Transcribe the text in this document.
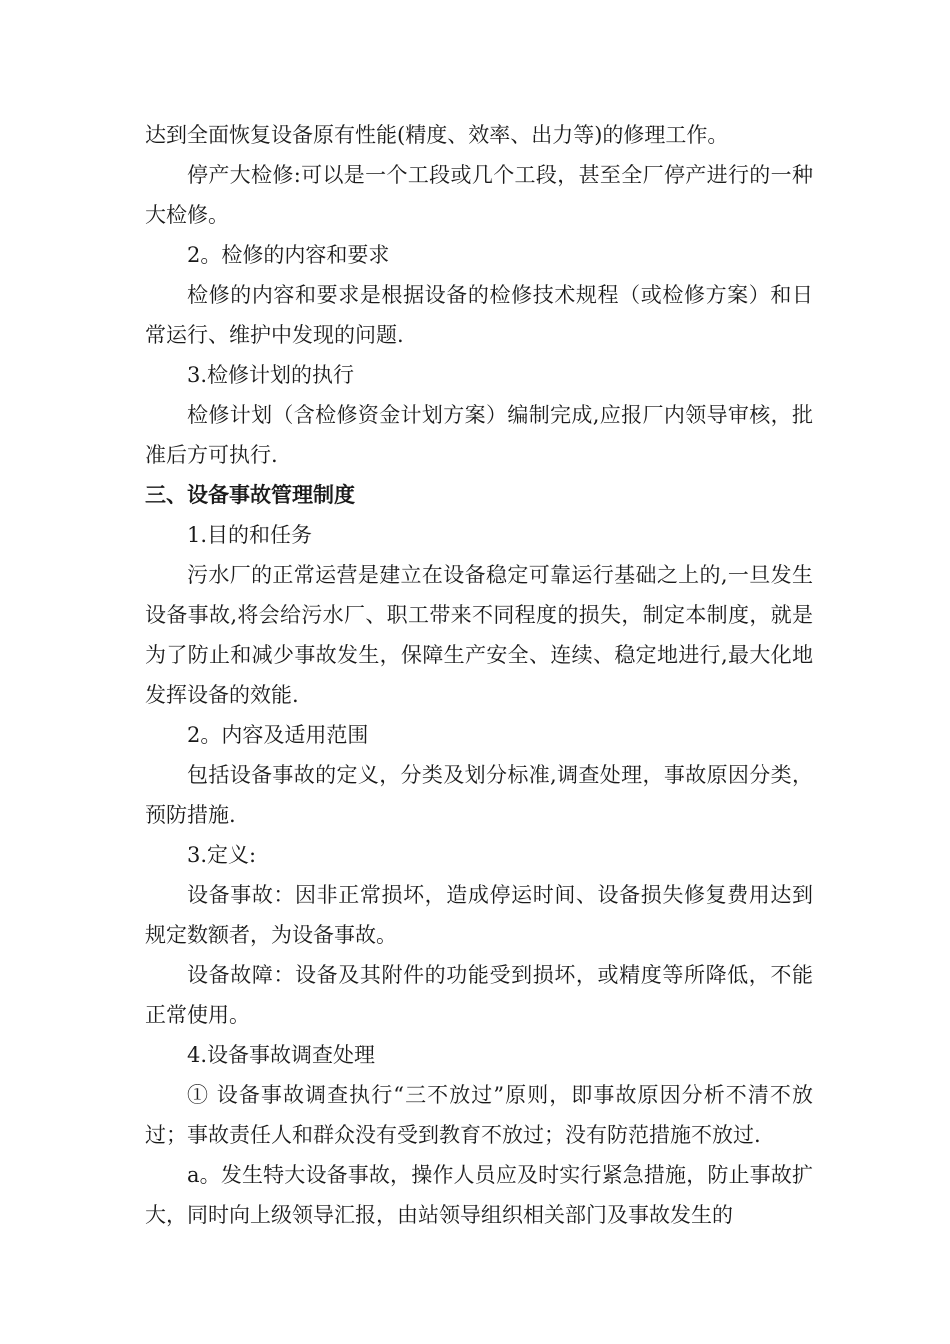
达到全面恢复设备原有性能(精度、效率、出力等)的修理工作。

停产大检修:可以是一个工段或几个工段，甚至全厂停产进行的一种大检修。

2。检修的内容和要求

检修的内容和要求是根据设备的检修技术规程（或检修方案）和日常运行、维护中发现的问题.

3.检修计划的执行

检修计划（含检修资金计划方案）编制完成,应报厂内领导审核，批准后方可执行.

三、设备事故管理制度

1.目的和任务

污水厂的正常运营是建立在设备稳定可靠运行基础之上的,一旦发生设备事故,将会给污水厂、职工带来不同程度的损失，制定本制度，就是为了防止和减少事故发生，保障生产安全、连续、稳定地进行,最大化地发挥设备的效能.

2。内容及适用范围

包括设备事故的定义，分类及划分标准,调查处理，事故原因分类，预防措施.

3.定义:

设备事故：因非正常损坏，造成停运时间、设备损失修复费用达到规定数额者，为设备事故。

设备故障：设备及其附件的功能受到损坏，或精度等所降低，不能正常使用。

4.设备事故调查处理

① 设备事故调查执行“三不放过”原则，即事故原因分析不清不放过；事故责任人和群众没有受到教育不放过；没有防范措施不放过.

a。发生特大设备事故，操作人员应及时实行紧急措施，防止事故扩大，同时向上级领导汇报，由站领导组织相关部门及事故发生的
